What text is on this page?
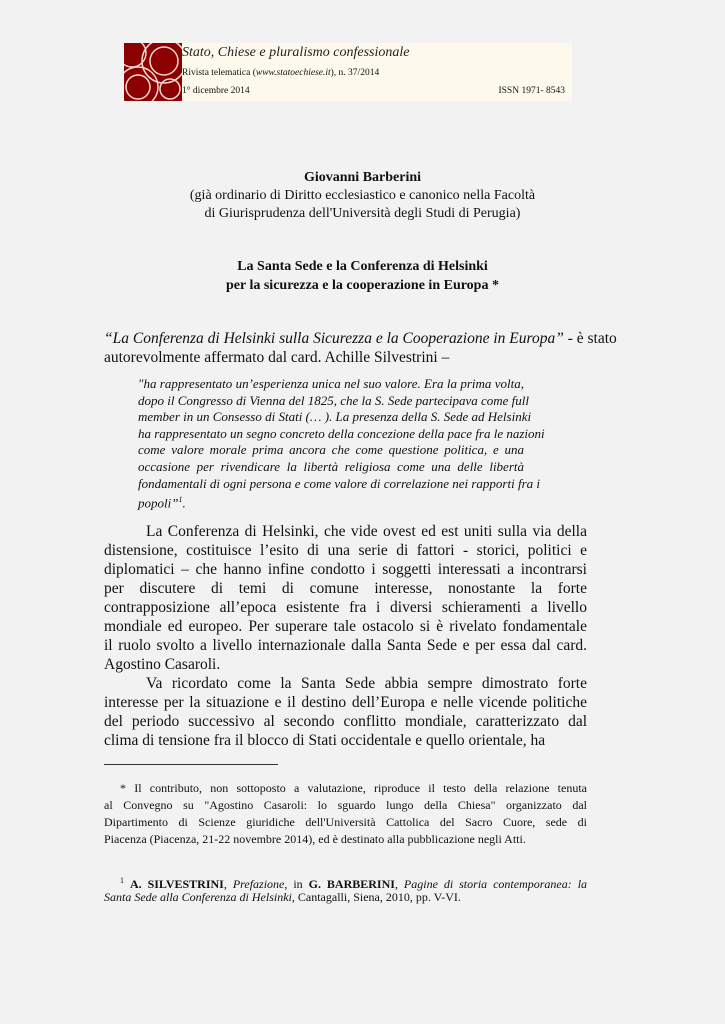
Stato, Chiese e pluralismo confessionale
Rivista telematica (www.statoechiese.it), n. 37/2014
1° dicembre 2014	ISSN 1971- 8543
Giovanni Barberini
(già ordinario di Diritto ecclesiastico e canonico nella Facoltà
di Giurisprudenza dell'Università degli Studi di Perugia)
La Santa Sede e la Conferenza di Helsinki
per la sicurezza e la cooperazione in Europa *
“La Conferenza di Helsinki sulla Sicurezza e la Cooperazione in Europa” - è stato
autorevolmente affermato dal card. Achille Silvestrini –
"ha rappresentato un’esperienza unica nel suo valore. Era la prima volta,
dopo il Congresso di Vienna del 1825, che la S. Sede partecipava come full
member in un Consesso di Stati (… ). La presenza della S. Sede ad Helsinki
ha rappresentato un segno concreto della concezione della pace fra le nazioni
come valore morale prima ancora che come questione politica, e una
occasione per rivendicare la libertà religiosa come una delle libertà
fondamentali di ogni persona e come valore di correlazione nei rapporti fra i
popoli”$^1$.
La Conferenza di Helsinki, che vide ovest ed est uniti sulla via della
distensione, costituisce l’esito di una serie di fattori - storici, politici e
diplomatici – che hanno infine condotto i soggetti interessati a incontrarsi
per discutere di temi di comune interesse, nonostante la forte
contrapposizione all’epoca esistente fra i diversi schieramenti a livello
mondiale ed europeo. Per superare tale ostacolo si è rivelato fondamentale
il ruolo svolto a livello internazionale dalla Santa Sede e per essa dal card.
Agostino Casaroli.
Va ricordato come la Santa Sede abbia sempre dimostrato forte
interesse per la situazione e il destino dell’Europa e nelle vicende politiche
del periodo successivo al secondo conflitto mondiale, caratterizzato dal
clima di tensione fra il blocco di Stati occidentale e quello orientale, ha
* Il contributo, non sottoposto a valutazione, riproduce il testo della relazione tenuta
al Convegno su "Agostino Casaroli: lo sguardo lungo della Chiesa" organizzato dal
Dipartimento di Scienze giuridiche dell'Università Cattolica del Sacro Cuore, sede di
Piacenza (Piacenza, 21-22 novembre 2014), ed è destinato alla pubblicazione negli Atti.
$^1$ A. SILVESTRINI, Prefazione, in G. BARBERINI, Pagine di storia contemporanea: la
Santa Sede alla Conferenza di Helsinki, Cantagalli, Siena, 2010, pp. V-VI.
